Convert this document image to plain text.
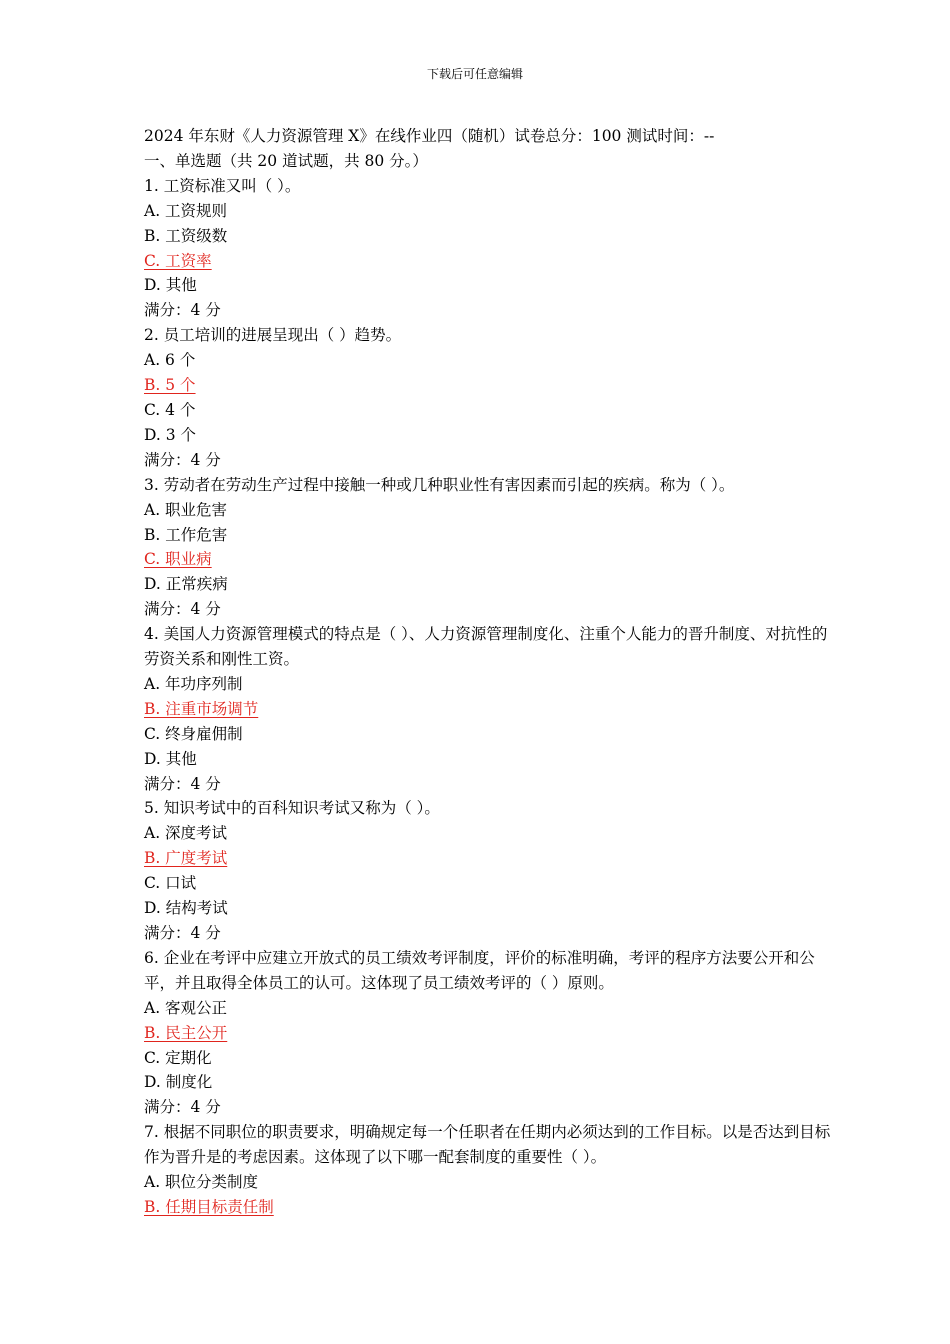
下载后可任意编辑
2024 年东财《人力资源管理 X》在线作业四（随机）试卷总分：100 测试时间：--
一、单选题（共 20 道试题，共 80 分。）
1. 工资标准又叫（ ）。
A. 工资规则
B. 工资级数
C. 工资率
D. 其他
满分：4 分
2. 员工培训的进展呈现出（ ）趋势。
A. 6 个
B. 5 个
C. 4 个
D. 3 个
满分：4 分
3. 劳动者在劳动生产过程中接触一种或几种职业性有害因素而引起的疾病。称为（ ）。
A. 职业危害
B. 工作危害
C. 职业病
D. 正常疾病
满分：4 分
4. 美国人力资源管理模式的特点是（ ）、人力资源管理制度化、注重个人能力的晋升制度、对抗性的劳资关系和刚性工资。
A. 年功序列制
B. 注重市场调节
C. 终身雇佣制
D. 其他
满分：4 分
5. 知识考试中的百科知识考试又称为（ ）。
A. 深度考试
B. 广度考试
C. 口试
D. 结构考试
满分：4 分
6. 企业在考评中应建立开放式的员工绩效考评制度，评价的标准明确，考评的程序方法要公开和公平，并且取得全体员工的认可。这体现了员工绩效考评的（ ）原则。
A. 客观公正
B. 民主公开
C. 定期化
D. 制度化
满分：4 分
7. 根据不同职位的职责要求，明确规定每一个任职者在任期内必须达到的工作目标。以是否达到目标作为晋升是的考虑因素。这体现了以下哪一配套制度的重要性（ ）。
A. 职位分类制度
B. 任期目标责任制
